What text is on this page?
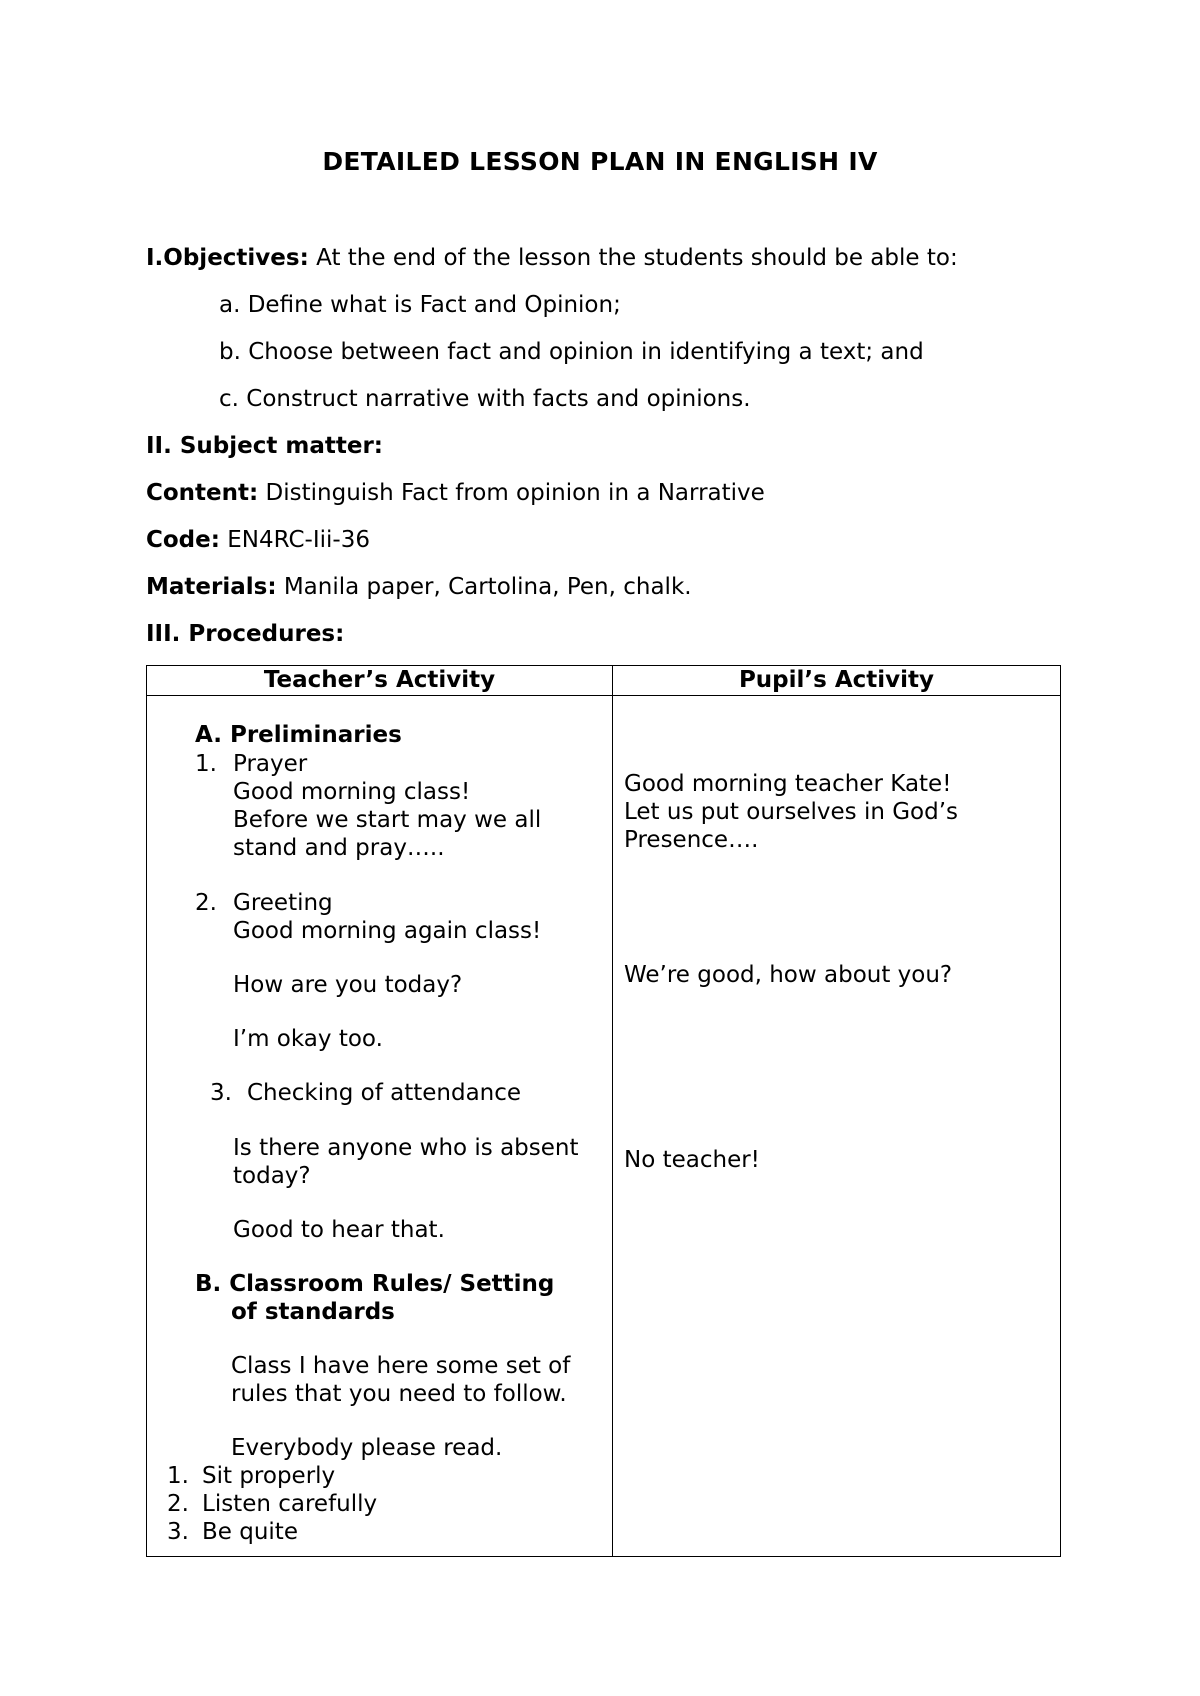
DETAILED LESSON PLAN IN ENGLISH IV
I.Objectives: At the end of the lesson the students should be able to:
a. Define what is Fact and Opinion;
b. Choose between fact and opinion in identifying a text; and
c. Construct narrative with facts and opinions.
II. Subject matter:
Content: Distinguish Fact from opinion in a Narrative
Code: EN4RC-Iii-36
Materials: Manila paper, Cartolina, Pen, chalk.
III. Procedures:
Teacher’s Activity	Pupil’s Activity
A. Preliminaries
1. Prayer
Good morning class!
Before we start may we all
stand and pray…..
2. Greeting
Good morning again class!
How are you today?
I’m okay too.
3. Checking of attendance
Is there anyone who is absent
today?
Good to hear that.
B. Classroom Rules/ Setting
of standards
Class I have here some set of
rules that you need to follow.
Everybody please read.
1. Sit properly
2. Listen carefully
3. Be quite
Good morning teacher Kate!
Let us put ourselves in God’s
Presence….
We’re good, how about you?
No teacher!
